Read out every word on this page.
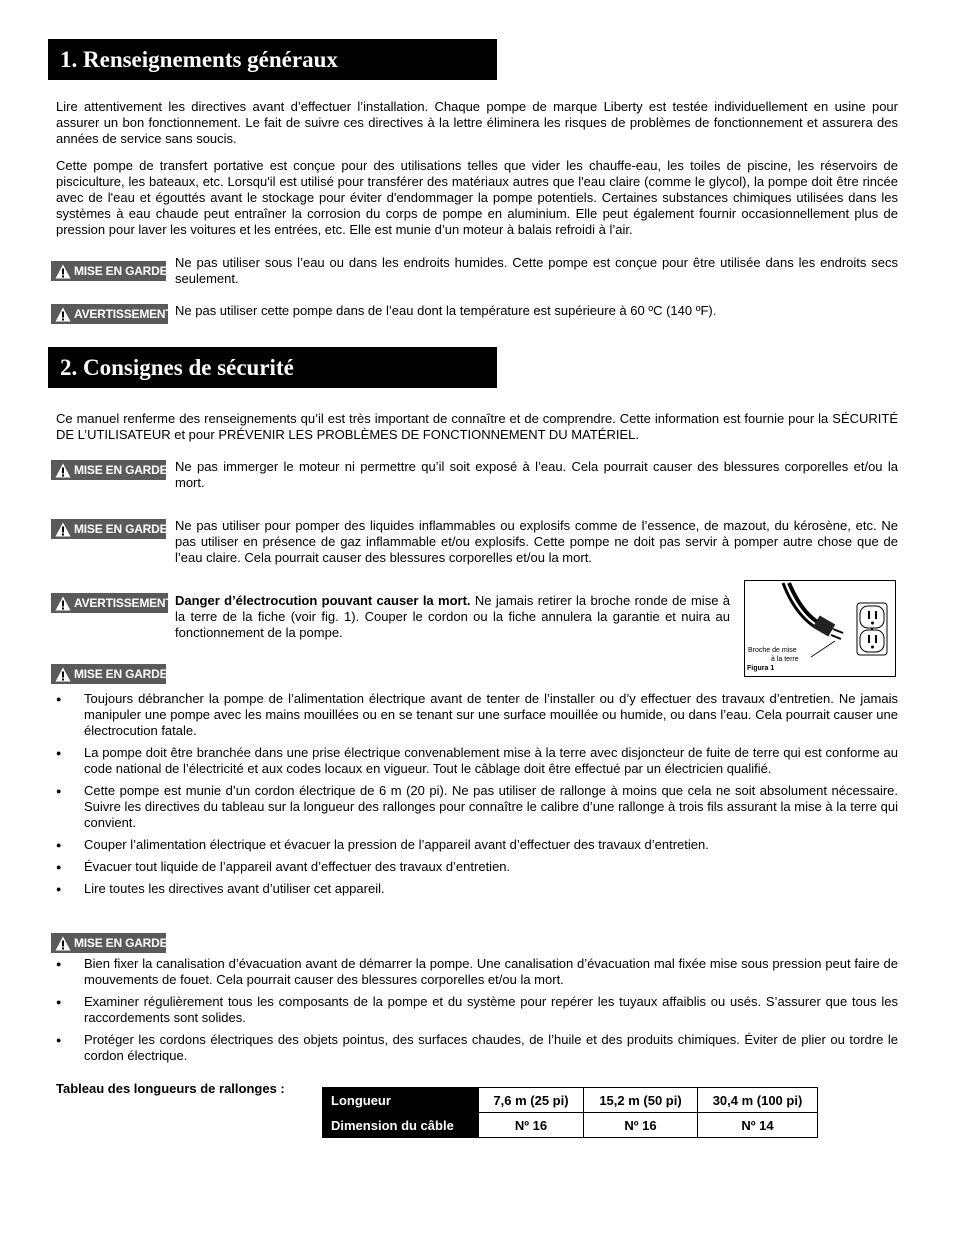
1. Renseignements généraux
Lire attentivement les directives avant d’effectuer l’installation. Chaque pompe de marque Liberty est testée individuellement en usine pour assurer un bon fonctionnement. Le fait de suivre ces directives à la lettre éliminera les risques de problèmes de fonctionnement et assurera des années de service sans soucis.
Cette pompe de transfert portative est conçue pour des utilisations telles que vider les chauffe-eau, les toiles de piscine, les réservoirs de pisciculture, les bateaux, etc. Lorsqu'il est utilisé pour transférer des matériaux autres que l'eau claire (comme le glycol), la pompe doit être rincée avec de l'eau et égouttés avant le stockage pour éviter d'endommager la pompe potentiels. Certaines substances chimiques utilisées dans les systèmes à eau chaude peut entraîner la corrosion du corps de pompe en aluminium. Elle peut également fournir occasionnellement plus de pression pour laver les voitures et les entrées, etc. Elle est munie d’un moteur à balais refroidi à l’air.
MISE EN GARDE
Ne pas utiliser sous l’eau ou dans les endroits humides. Cette pompe est conçue pour être utilisée dans les endroits secs seulement.
AVERTISSEMENT Ne pas utiliser cette pompe dans de l’eau dont la température est supérieure à 60 ºC (140 ºF).
2. Consignes de sécurité
Ce manuel renferme des renseignements qu’il est très important de connaître et de comprendre. Cette information est fournie pour la SÉCURITÉ DE L’UTILISATEUR et pour PRÉVENIR LES PROBLÈMES DE FONCTIONNEMENT DU MATÉRIEL.
MISE EN GARDE Ne pas immerger le moteur ni permettre qu’il soit exposé à l’eau. Cela pourrait causer des blessures corporelles et/ou la mort.
MISE EN GARDE Ne pas utiliser pour pomper des liquides inflammables ou explosifs comme de l’essence, de mazout, du kérosène, etc. Ne pas utiliser en présence de gaz inflammable et/ou explosifs. Cette pompe ne doit pas servir à pomper autre chose que de l’eau claire. Cela pourrait causer des blessures corporelles et/ou la mort.
AVERTISSEMENT Danger d’électrocution pouvant causer la mort. Ne jamais retirer la broche ronde de mise à la terre de la fiche (voir fig. 1). Couper le cordon ou la fiche annulera la garantie et nuira au fonctionnement de la pompe.
Broche de mise
à la terre
Figura 1
MISE EN GARDE
● Toujours débrancher la pompe de l’alimentation électrique avant de tenter de l’installer ou d’y effectuer des travaux d’entretien. Ne jamais manipuler une pompe avec les mains mouillées ou en se tenant sur une surface mouillée ou humide, ou dans l’eau. Cela pourrait causer une électrocution fatale.
● La pompe doit être branchée dans une prise électrique convenablement mise à la terre avec disjoncteur de fuite de terre qui est conforme au code national de l’électricité et aux codes locaux en vigueur. Tout le câblage doit être effectué par un électricien qualifié.
● Cette pompe est munie d’un cordon électrique de 6 m (20 pi). Ne pas utiliser de rallonge à moins que cela ne soit absolument nécessaire. Suivre les directives du tableau sur la longueur des rallonges pour connaître le calibre d’une rallonge à trois fils assurant la mise à la terre qui convient.
● Couper l’alimentation électrique et évacuer la pression de l’appareil avant d’effectuer des travaux d’entretien.
● Évacuer tout liquide de l’appareil avant d’effectuer des travaux d’entretien.
● Lire toutes les directives avant d’utiliser cet appareil.
MISE EN GARDE
● Bien fixer la canalisation d’évacuation avant de démarrer la pompe. Une canalisation d’évacuation mal fixée mise sous pression peut faire de mouvements de fouet. Cela pourrait causer des blessures corporelles et/ou la mort.
● Examiner régulièrement tous les composants de la pompe et du système pour repérer les tuyaux affaiblis ou usés. S’assurer que tous les raccordements sont solides.
● Protéger les cordons électriques des objets pointus, des surfaces chaudes, de l’huile et des produits chimiques. Éviter de plier ou tordre le cordon électrique.
Tableau des longueurs de rallonges :
Longueur	7,6 m (25 pi)	15,2 m (50 pi)	30,4 m (100 pi)
Dimension du câble	Nº 16	Nº 16	Nº 14
